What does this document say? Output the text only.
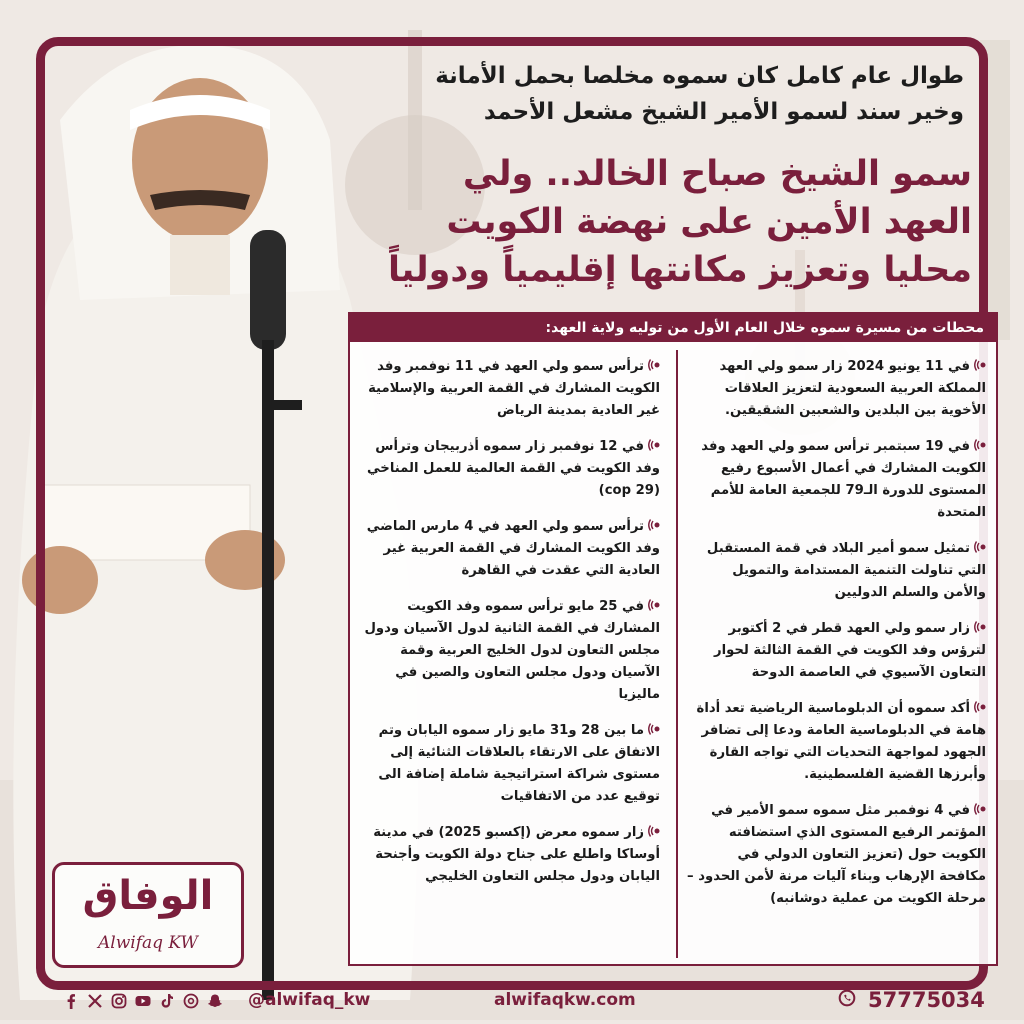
طوال عام كامل كان سموه مخلصا بحمل الأمانة
وخير سند لسمو الأمير الشيخ مشعل الأحمد
سمو الشيخ صباح الخالد.. ولي
العهد الأمين على نهضة الكويت
محليا وتعزيز مكانتها إقليمياً ودولياً
محطات من مسيرة سموه خلال العام الأول من توليه ولاية العهد:
في 11 يونيو 2024 زار سمو ولي العهد المملكة العربية السعودية لتعزيز العلاقات الأخوية بين البلدين والشعبين الشقيقين.
في 19 سبتمبر ترأس سمو ولي العهد وفد الكويت المشارك في أعمال الأسبوع رفيع المستوى للدورة الـ79 للجمعية العامة للأمم المتحدة
تمثيل سمو أمير البلاد في قمة المستقبل التي تناولت التنمية المستدامة والتمويل والأمن والسلم الدوليين
زار سمو ولي العهد قطر في 2 أكتوبر لترؤس وفد الكويت في القمة الثالثة لحوار التعاون الآسيوي في العاصمة الدوحة
أكد سموه أن الدبلوماسية الرياضية تعد أداة هامة في الدبلوماسية العامة ودعا إلى تضافر الجهود لمواجهة التحديات التي تواجه القارة وأبرزها القضية الفلسطينية.
في 4 نوفمبر مثل سموه سمو الأمير في المؤتمر الرفيع المستوى الذي استضافته الكويت حول (تعزيز التعاون الدولي في مكافحة الإرهاب وبناء آليات مرنة لأمن الحدود – مرحلة الكويت من عملية دوشانبه)
ترأس سمو ولي العهد في 11 نوفمبر وفد الكويت المشارك في القمة العربية والإسلامية غير العادية بمدينة الرياض
في 12 نوفمبر زار سموه أذربيجان وترأس وفد الكويت في القمة العالمية للعمل المناخي (29 cop)
ترأس سمو ولي العهد في 4 مارس الماضي وفد الكويت المشارك في القمة العربية غير العادية التي عقدت في القاهرة
في 25 مايو ترأس سموه وفد الكويت المشارك في القمة الثانية لدول الآسيان ودول مجلس التعاون لدول الخليج العربية وقمة الآسيان ودول مجلس التعاون والصين في ماليزيا
ما بين 28 و31 مايو زار سموه اليابان وتم الاتفاق على الارتقاء بالعلاقات الثنائية إلى مستوى شراكة استراتيجية شاملة إضافة الى توقيع عدد من الاتفاقيات
زار سموه معرض (إكسبو 2025) في مدينة أوساكا واطلع على جناح دولة الكويت وأجنحة اليابان ودول مجلس التعاون الخليجي
الوفاق
Alwifaq KW
@alwifaq_kw	alwifaqkw.com	57775034
